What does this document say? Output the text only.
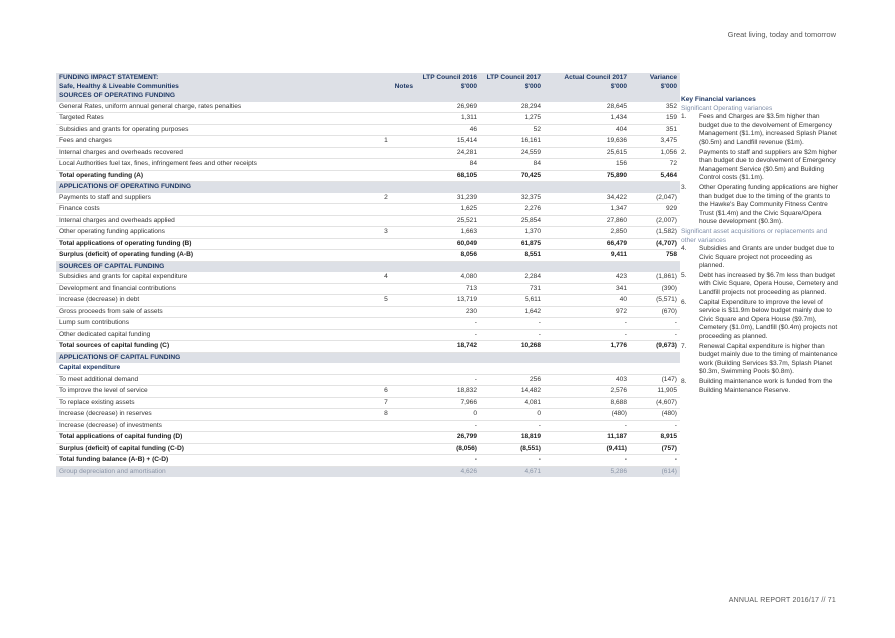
Great living, today and tomorrow
FUNDING IMPACT STATEMENT:		LTP Council 2016	LTP Council 2017	Actual Council 2017	Variance
Safe, Healthy & Liveable Communities	Notes	$'000	$'000	$'000	$'000
SOURCES OF OPERATING FUNDING					
General Rates, uniform annual general charge, rates penalties		26,969	28,294	28,645	352
Targeted Rates		1,311	1,275	1,434	159
Subsidies and grants for operating purposes		46	52	404	351
Fees and charges	1	15,414	16,161	19,636	3,475
Internal charges and overheads recovered		24,281	24,559	25,615	1,056
Local Authorities fuel tax, fines, infringement fees and other receipts		84	84	156	72
Total operating funding (A)		68,105	70,425	75,890	5,464
APPLICATIONS OF OPERATING FUNDING					
Payments to staff and suppliers	2	31,239	32,375	34,422	(2,047)
Finance costs		1,625	2,276	1,347	929
Internal charges and overheads applied		25,521	25,854	27,860	(2,007)
Other operating funding applications	3	1,663	1,370	2,850	(1,582)
Total applications of operating funding (B)		60,049	61,875	66,479	(4,707)
Surplus (deficit) of operating funding (A-B)		8,056	8,551	9,411	758
SOURCES OF CAPITAL FUNDING					
Subsidies and grants for capital expenditure	4	4,080	2,284	423	(1,861)
Development and financial contributions		713	731	341	(390)
Increase (decrease) in debt	5	13,719	5,611	40	(5,571)
Gross proceeds from sale of assets		230	1,642	972	(670)
Lump sum contributions		-	-	-	-
Other dedicated capital funding		-	-	-	-
Total sources of capital funding (C)		18,742	10,268	1,776	(9,673)
APPLICATIONS OF CAPITAL FUNDING					
Capital expenditure					
To meet additional demand		-	256	403	(147)
To improve the level of service	6	18,832	14,482	2,576	11,905
To replace existing assets	7	7,966	4,081	8,688	(4,607)
Increase (decrease) in reserves	8	0	0	(480)	(480)
Increase (decrease) of investments		-	-	-	-
Total applications of capital funding (D)		26,799	18,819	11,187	8,915
Surplus (deficit) of capital funding (C-D)		(8,056)	(8,551)	(9,411)	(757)
Total funding balance (A-B) + (C-D)		-	-	-	-
Group depreciation and amortisation		4,626	4,671	5,286	(614)
Key Financial variances
Significant Operating variances
1. Fees and Charges are $3.5m higher than budget due to the devolvement of Emergency Management ($1.1m), increased Splash Planet ($0.5m) and Landfill revenue ($1m).
2. Payments to staff and suppliers are $2m higher than budget due to devolvement of Emergency Management Service ($0.5m) and Building Control costs ($1.1m).
3. Other Operating funding applications are higher than budget due to the timing of the grants to the Hawke's Bay Community Fitness Centre Trust ($1.4m) and the Civic Square/Opera house development ($0.3m).
Significant asset acquisitions or replacements and other variances
4. Subsidies and Grants are under budget due to Civic Square project not proceeding as planned.
5. Debt has increased by $6.7m less than budget with Civic Square, Opera House, Cemetery and Landfill projects not proceeding as planned.
6. Capital Expenditure to improve the level of service is $11.9m below budget mainly due to Civic Square and Opera House ($9.7m), Cemetery ($1.0m), Landfill ($0.4m) projects not proceeding as planned.
7. Renewal Capital expenditure is higher than budget mainly due to the timing of maintenance work (Building Services $3.7m, Splash Planet $0.3m, Swimming Pools $0.8m).
8. Building maintenance work is funded from the Building Maintenance Reserve.
ANNUAL REPORT 2016/17 // 71
